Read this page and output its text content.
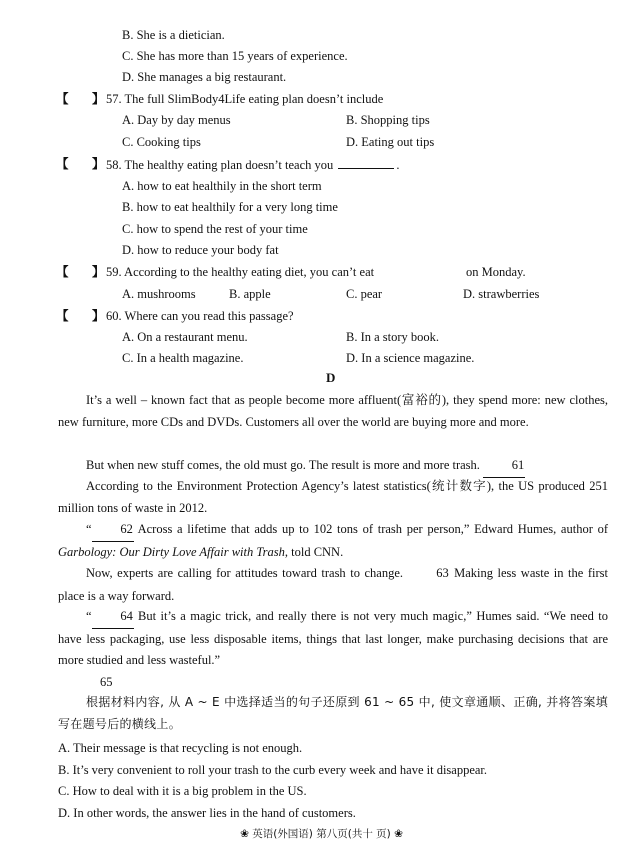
B. She is a dietician.
C. She has more than 15 years of experience.
D. She manages a big restaurant.
【 】 57. The full SlimBody4Life eating plan doesn’t include
A. Day by day menus	B. Shopping tips
C. Cooking tips	D. Eating out tips
【 】 58. The healthy eating plan doesn’t teach you	.
A. how to eat healthily in the short term
B. how to eat healthily for a very long time
C. how to spend the rest of your time
D. how to reduce your body fat
【 】 59. According to the healthy eating diet, you can’t eat	on Monday.
A. mushrooms	B. apple	C. pear	D. strawberries
【 】 60. Where can you read this passage?
A. On a restaurant menu.	B. In a story book.
C. In a health magazine.	D. In a science magazine.
D
It’s a well – known fact that as people become more affluent(富裕的), they spend more: new clothes, new furniture, more CDs and DVDs. Customers all over the world are buying more and more.
But when new stuff comes, the old must go. The result is more and more trash.	61
According to the Environment Protection Agency’s latest statistics(统计数字), the US produced 251 million tons of waste in 2012.
“ 62 Across a lifetime that adds up to 102 tons of trash per person,” Edward Humes, author of Garbology: Our Dirty Love Affair with Trash, told CNN.
Now, experts are calling for attitudes toward trash to change.	63 Making less waste in the first place is a way forward.
“ 64 But it’s a magic trick, and really there is not very much magic,” Humes said. “We need to have less packaging, use less disposable items, things that last longer, make purchasing decisions that are more studied and less wasteful.”
65
根据材料内容, 从 A ~ E 中选择适当的句子还原到 61 ~ 65 中, 使文章通顺、正确, 并将答案填写在题号后的横线上。
A. Their message is that recycling is not enough.
B. It’s very convenient to roll your trash to the curb every week and have it disappear.
C. How to deal with it is a big problem in the US.
D. In other words, the answer lies in the hand of customers.
❀ 英语(外国语) 第八页(共十 页) ❀
